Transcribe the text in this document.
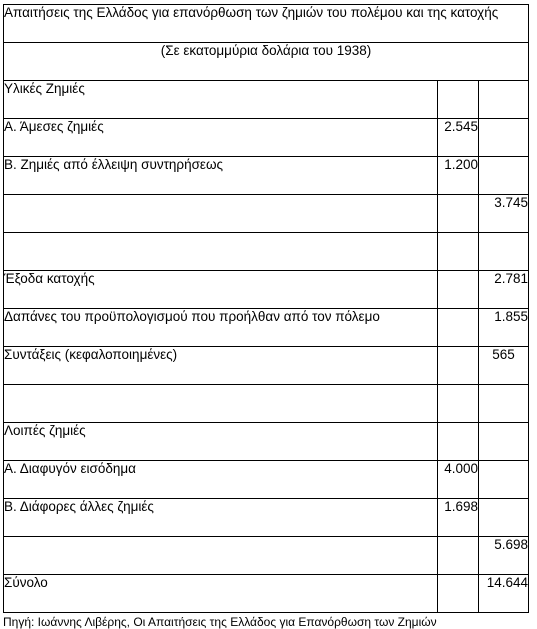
Απαιτήσεις της Ελλάδος για επανόρθωση των ζημιών του πολέμου και της κατοχής		
(Σε εκατομμύρια δολάρια του 1938)		
Υλικές Ζημιές		
Α. Άμεσες ζημιές	2.545	
Β. Ζημιές από έλλειψη συντηρήσεως	1.200	
		3.745

Έξοδα κατοχής		2.781
Δαπάνες του προϋπολογισμού που προήλθαν από τον πόλεμο		1.855
Συντάξεις (κεφαλοποιημένες)		565

Λοιπές ζημιές		
Α. Διαφυγόν εισόδημα	4.000	
Β. Διάφορες άλλες ζημιές	1.698	
		5.698
Σύνολο		14.644
Πηγή: Ιωάννης Λιβέρης, Οι Απαιτήσεις της Ελλάδος για Επανόρθωση των Ζημιών
